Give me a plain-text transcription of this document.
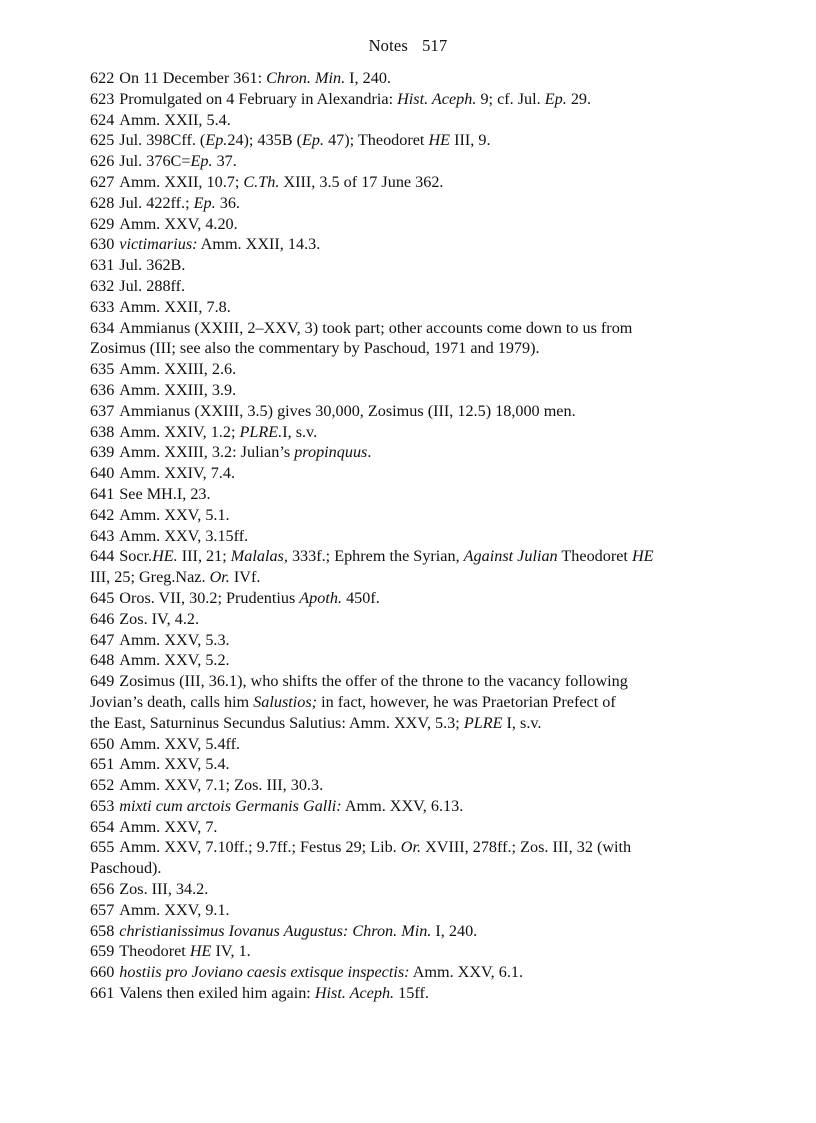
Notes 517
622 On 11 December 361: Chron. Min. I, 240.
623 Promulgated on 4 February in Alexandria: Hist. Aceph. 9; cf. Jul. Ep. 29.
624 Amm. XXII, 5.4.
625 Jul. 398Cff. (Ep.24); 435B (Ep. 47); Theodoret HE III, 9.
626 Jul. 376C=Ep. 37.
627 Amm. XXII, 10.7; C.Th. XIII, 3.5 of 17 June 362.
628 Jul. 422ff.; Ep. 36.
629 Amm. XXV, 4.20.
630 victimarius: Amm. XXII, 14.3.
631 Jul. 362B.
632 Jul. 288ff.
633 Amm. XXII, 7.8.
634 Ammianus (XXIII, 2–XXV, 3) took part; other accounts come down to us from
Zosimus (III; see also the commentary by Paschoud, 1971 and 1979).
635 Amm. XXIII, 2.6.
636 Amm. XXIII, 3.9.
637 Ammianus (XXIII, 3.5) gives 30,000, Zosimus (III, 12.5) 18,000 men.
638 Amm. XXIV, 1.2; PLRE.I, s.v.
639 Amm. XXIII, 3.2: Julian’s propinquus.
640 Amm. XXIV, 7.4.
641 See MH.I, 23.
642 Amm. XXV, 5.1.
643 Amm. XXV, 3.15ff.
644 Socr.HE. III, 21; Malalas, 333f.; Ephrem the Syrian, Against Julian Theodoret HE
III, 25; Greg.Naz. Or. IVf.
645 Oros. VII, 30.2; Prudentius Apoth. 450f.
646 Zos. IV, 4.2.
647 Amm. XXV, 5.3.
648 Amm. XXV, 5.2.
649 Zosimus (III, 36.1), who shifts the offer of the throne to the vacancy following
Jovian’s death, calls him Salustios; in fact, however, he was Praetorian Prefect of
the East, Saturninus Secundus Salutius: Amm. XXV, 5.3; PLRE I, s.v.
650 Amm. XXV, 5.4ff.
651 Amm. XXV, 5.4.
652 Amm. XXV, 7.1; Zos. III, 30.3.
653 mixti cum arctois Germanis Galli: Amm. XXV, 6.13.
654 Amm. XXV, 7.
655 Amm. XXV, 7.10ff.; 9.7ff.; Festus 29; Lib. Or. XVIII, 278ff.; Zos. III, 32 (with
Paschoud).
656 Zos. III, 34.2.
657 Amm. XXV, 9.1.
658 christianissimus Iovanus Augustus: Chron. Min. I, 240.
659 Theodoret HE IV, 1.
660 hostiis pro Joviano caesis extisque inspectis: Amm. XXV, 6.1.
661 Valens then exiled him again: Hist. Aceph. 15ff.
